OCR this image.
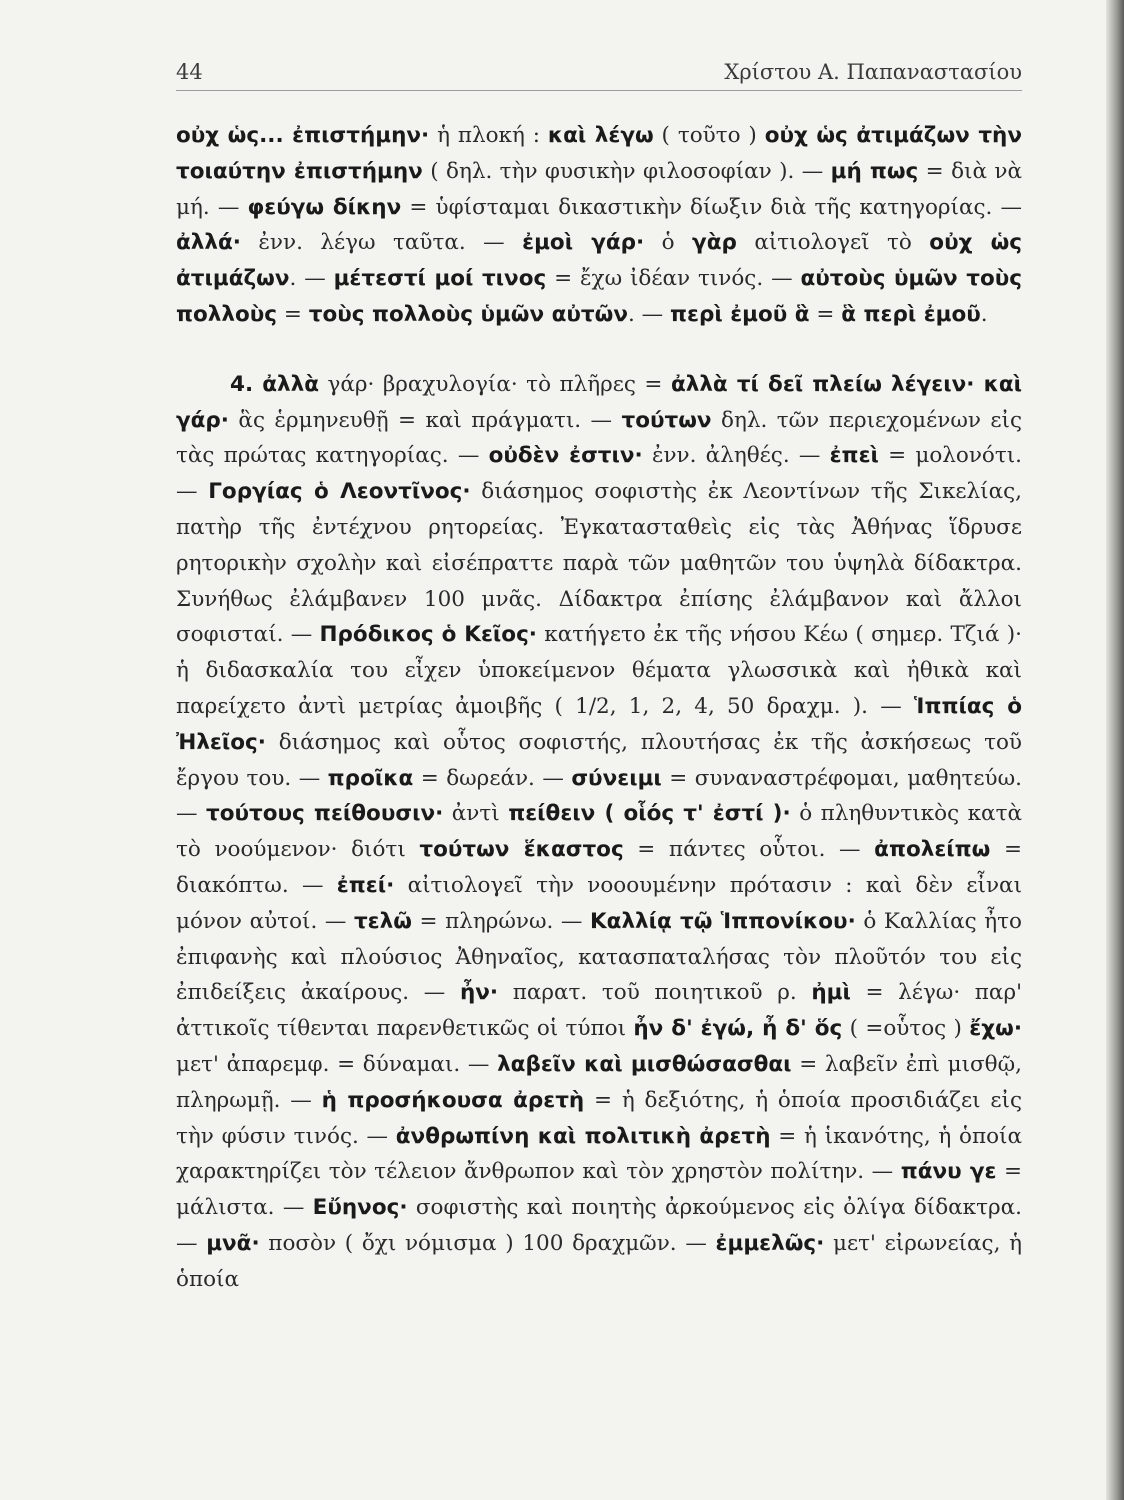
44	Χρίστου Α. Παπαναστασίου

οὐχ ὡς... ἐπιστήμην· ἡ πλοκή : καὶ λέγω ( τοῦτο ) οὐχ ὡς ἀτιμάζων τὴν τοιαύτην ἐπιστήμην ( δηλ. τὴν φυσικὴν φιλοσοφίαν ). — μή πως = διὰ νὰ μή. — φεύγω δίκην = ὑφίσταμαι δικαστικὴν δίωξιν διὰ τῆς κατηγορίας. — ἀλλά· ἐνν. λέγω ταῦτα. — ἐμοὶ γάρ· ὁ γὰρ αἰτιολογεῖ τὸ οὐχ ὡς ἀτιμάζων. — μέτεστί μοί τινος = ἔχω ἰδέαν τινός. — αὐτοὺς ὑμῶν τοὺς πολλοὺς = τοὺς πολλοὺς ὑμῶν αὐτῶν. — περὶ ἐμοῦ ἃ = ἃ περὶ ἐμοῦ.

4. ἀλλὰ γάρ· βραχυλογία· τὸ πλῆρες = ἀλλὰ τί δεῖ πλείω λέγειν· καὶ γάρ· ἃς ἑρμηνευθῇ = καὶ πράγματι. — τούτων δηλ. τῶν περιεχομένων εἰς τὰς πρώτας κατηγορίας. — οὐδὲν ἐστιν· ἐνν. ἀληθές. — ἐπεὶ = μολονότι. — Γοργίας ὁ Λεοντῖνος· διάσημος σοφιστὴς ἐκ Λεοντίνων τῆς Σικελίας, πατὴρ τῆς ἐντέχνου ρητορείας. Ἐγκατασταθεὶς εἰς τὰς Ἀθήνας ἵδρυσε ρητορικὴν σχολὴν καὶ εἰσέπραττε παρὰ τῶν μαθητῶν του ὑψηλὰ δίδακτρα. Συνήθως ἐλάμβανεν 100 μνᾶς. Δίδακτρα ἐπίσης ἐλάμβανον καὶ ἄλλοι σοφισταί. — Πρόδικος ὁ Κεῖος· κατήγετο ἐκ τῆς νήσου Κέω ( σημερ. Τζιά )· ἡ διδασκαλία του εἶχεν ὑποκείμενον θέματα γλωσσικὰ καὶ ἠθικὰ καὶ παρείχετο ἀντὶ μετρίας ἀμοιβῆς ( 1/2, 1, 2, 4, 50 δραχμ. ). — Ἱππίας ὁ Ἠλεῖος· διάσημος καὶ οὗτος σοφιστής, πλουτήσας ἐκ τῆς ἀσκήσεως τοῦ ἔργου του. — προῖκα = δωρεάν. — σύνειμι = συναναστρέφομαι, μαθητεύω. — τούτους πείθουσιν· ἀντὶ πείθειν ( οἷός τ' ἐστί )· ὁ πληθυντικὸς κατὰ τὸ νοούμενον· διότι τούτων ἕκαστος = πάντες οὗτοι. — ἀπολείπω = διακόπτω. — ἐπεί· αἰτιολογεῖ τὴν νοοουμένην πρότασιν : καὶ δὲν εἶναι μόνον αὐτοί. — τελῶ = πληρώνω. — Καλλίᾳ τῷ Ἱππονίκου· ὁ Καλλίας ἦτο ἐπιφανὴς καὶ πλούσιος Ἀθηναῖος, κατασπαταλήσας τὸν πλοῦτόν του εἰς ἐπιδείξεις ἀκαίρους. — ἦν· παρατ. τοῦ ποιητικοῦ ρ. ἠμὶ = λέγω· παρ' ἀττικοῖς τίθενται παρενθετικῶς οἱ τύποι ἦν δ' ἐγώ, ἦ δ' ὅς ( =οὗτος ) ἔχω· μετ' ἀπαρεμφ. = δύναμαι. — λαβεῖν καὶ μισθώσασθαι = λαβεῖν ἐπὶ μισθῷ, πληρωμῇ. — ἡ προσήκουσα ἀρετὴ = ἡ δεξιότης, ἡ ὁποία προσιδιάζει εἰς τὴν φύσιν τινός. — ἀνθρωπίνη καὶ πολιτικὴ ἀρετὴ = ἡ ἱκανότης, ἡ ὁποία χαρακτηρίζει τὸν τέλειον ἄνθρωπον καὶ τὸν χρηστὸν πολίτην. — πάνυ γε = μάλιστα. — Εὔηνος· σοφιστὴς καὶ ποιητὴς ἀρκούμενος εἰς ὀλίγα δίδακτρα. — μνᾶ· ποσὸν ( ὄχι νόμισμα ) 100 δραχμῶν. — ἐμμελῶς· μετ' εἰρωνείας, ἡ ὁποία
